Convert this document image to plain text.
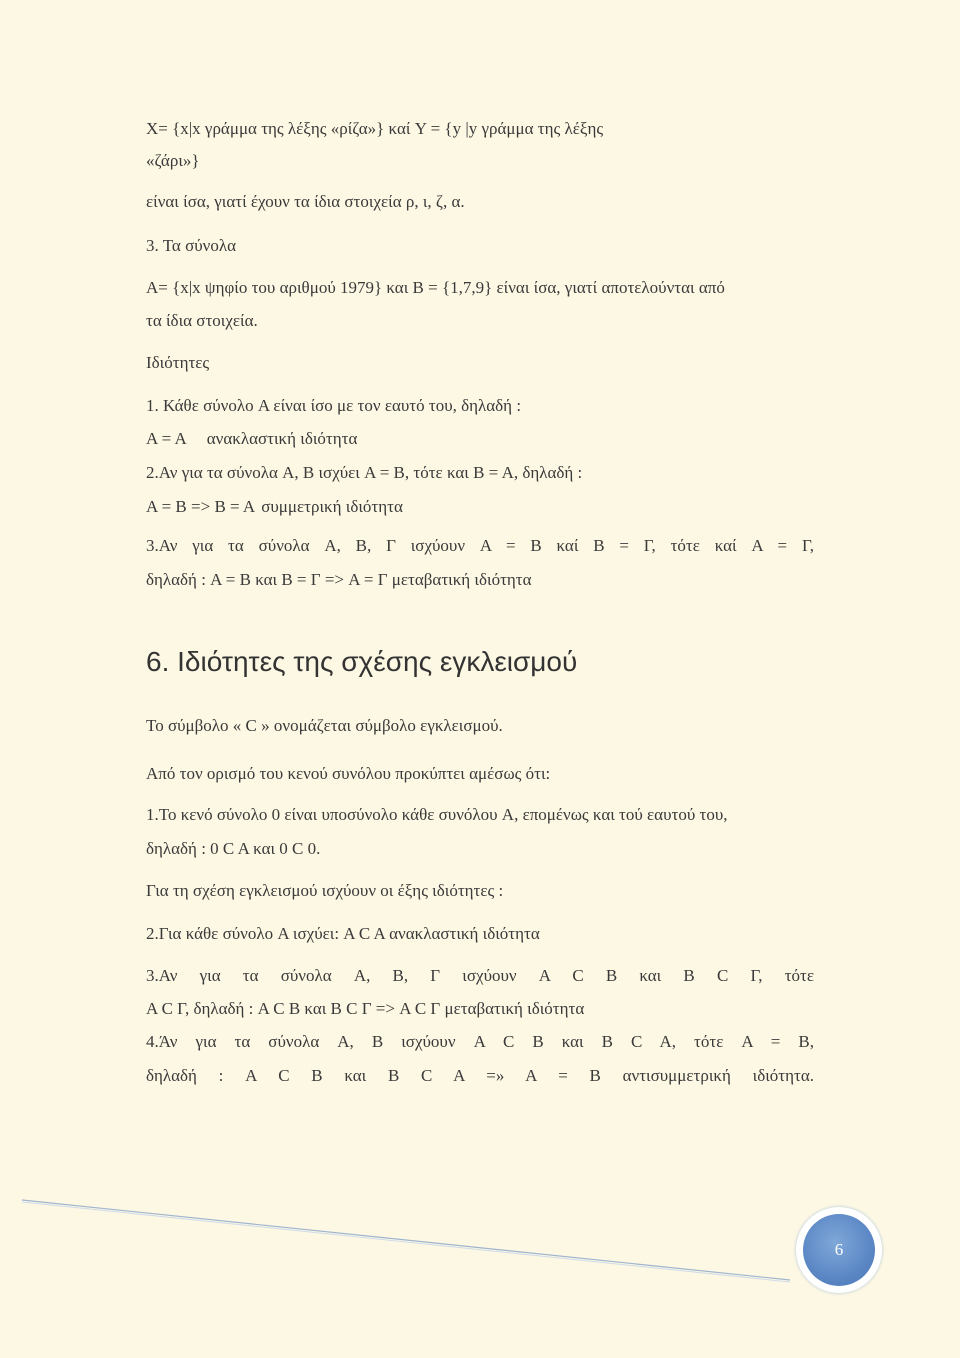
X= {x|x γράμμα της λέξης «ρίζα»} καί Y = {y |y γράμμα της λέξης
«ζάρι»}
είναι ίσα, γιατί έχουν τα ίδια στοιχεία ρ, ι, ζ, α.
3. Τα σύνολα
A= {x|x ψηφίο του αριθμού 1979} και B = {1,7,9} είναι ίσα, γιατί αποτελούνται από
τα ίδια στοιχεία.
Ιδιότητες
1. Κάθε σύνολο A είναι ίσο με τον εαυτό του, δηλαδή :
A = A ανακλαστική ιδιότητα
2.Αν για τα σύνολα A, B ισχύει A = B, τότε και B = A, δηλαδή :
A = B => B = A συμμετρική ιδιότητα
3.Αν για τα σύνολα A, B, Γ ισχύουν A = B καί B = Γ, τότε καί A = Γ,
δηλαδή : A = B και B = Γ => A = Γ μεταβατική ιδιότητα
6. Ιδιότητες της σχέσης εγκλεισμού
Το σύμβολο « C » ονομάζεται σύμβολο εγκλεισμού.
Από τον ορισμό του κενού συνόλου προκύπτει αμέσως ότι:
1.Το κενό σύνολο 0 είναι υποσύνολο κάθε συνόλου A, επομένως και τού εαυτού του,
δηλαδή : 0 C A και 0 C 0.
Για τη σχέση εγκλεισμού ισχύουν οι έξης ιδιότητες :
2.Για κάθε σύνολο A ισχύει: A C A ανακλαστική ιδιότητα
3.Αν για τα σύνολα A, B, Γ ισχύουν A C B και B C Γ, τότε
A C Γ, δηλαδή : A C B και B C Γ => A C Γ μεταβατική ιδιότητα
4.Άν για τα σύνολα A, B ισχύουν A C B και B C A, τότε A = B,
δηλαδή : A C B και B C A =» A = B αντισυμμετρική ιδιότητα.
6
